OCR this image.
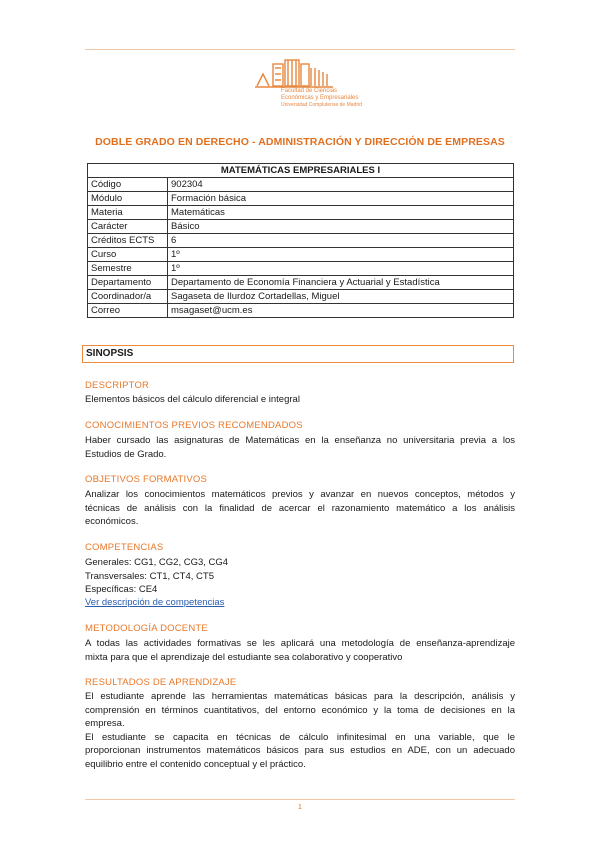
Facultad de Ciencias
Económicas y Empresariales
Universidad Complutense de Madrid
DOBLE GRADO EN DERECHO - ADMINISTRACIÓN Y DIRECCIÓN DE EMPRESAS
MATEMÁTICAS EMPRESARIALES I	
Código	902304
Módulo	Formación básica
Materia	Matemáticas
Carácter	Básico
Créditos ECTS	6
Curso	1º
Semestre	1º
Departamento	Departamento de Economía Financiera y Actuarial y Estadística
Coordinador/a	Sagaseta de Ilurdoz Cortadellas, Miguel
Correo	msagaset@ucm.es
SINOPSIS
DESCRIPTOR
Elementos básicos del cálculo diferencial e integral
CONOCIMIENTOS PREVIOS RECOMENDADOS
Haber cursado las asignaturas de Matemáticas en la enseñanza no universitaria previa a los
Estudios de Grado.
OBJETIVOS FORMATIVOS
Analizar los conocimientos matemáticos previos y avanzar en nuevos conceptos, métodos y
técnicas de análisis con la finalidad de acercar el razonamiento matemático a los análisis
económicos.
COMPETENCIAS
Generales: CG1, CG2, CG3, CG4
Transversales: CT1, CT4, CT5
Específicas: CE4
Ver descripción de competencias
METODOLOGÍA DOCENTE
A todas las actividades formativas se les aplicará una metodología de enseñanza-aprendizaje
mixta para que el aprendizaje del estudiante sea colaborativo y cooperativo
RESULTADOS DE APRENDIZAJE
El estudiante aprende las herramientas matemáticas básicas para la descripción, análisis y
comprensión en términos cuantitativos, del entorno económico y la toma de decisiones en la
empresa.
El estudiante se capacita en técnicas de cálculo infinitesimal en una variable, que le
proporcionan instrumentos matemáticos básicos para sus estudios en ADE, con un adecuado
equilibrio entre el contenido conceptual y el práctico.
1
